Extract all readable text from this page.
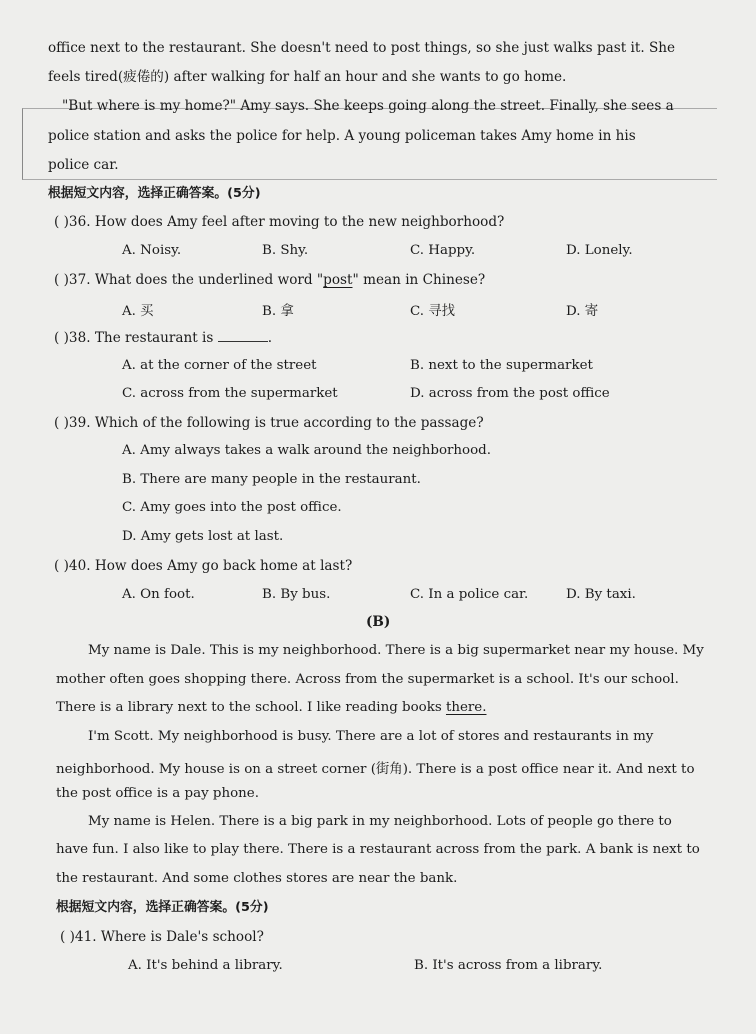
office next to the restaurant. She doesn't need to post things, so she just walks past it. She
feels tired(疲倦的) after walking for half an hour and she wants to go home.
"But where is my home?" Amy says. She keeps going along the street. Finally, she sees a
police station and asks the police for help. A young policeman takes Amy home in his
police car.
根据短文内容，选择正确答案。(5分)
( )36. How does Amy feel after moving to the new neighborhood?
A. Noisy.	B. Shy.	C. Happy.	D. Lonely.
( )37. What does the underlined word "post" mean in Chinese?
A. 买	B. 拿	C. 寻找	D. 寄
( )38. The restaurant is	.
A. at the corner of the street	B. next to the supermarket
C. across from the supermarket	D. across from the post office
( )39. Which of the following is true according to the passage?
A. Amy always takes a walk around the neighborhood.
B. There are many people in the restaurant.
C. Amy goes into the post office.
D. Amy gets lost at last.
( )40. How does Amy go back home at last?
A. On foot.	B. By bus.	C. In a police car.	D. By taxi.
(B)
My name is Dale. This is my neighborhood. There is a big supermarket near my house. My
mother often goes shopping there. Across from the supermarket is a school. It's our school.
There is a library next to the school. I like reading books there.
I'm Scott. My neighborhood is busy. There are a lot of stores and restaurants in my
neighborhood. My house is on a street corner (街角). There is a post office near it. And next to
the post office is a pay phone.
My name is Helen. There is a big park in my neighborhood. Lots of people go there to
have fun. I also like to play there. There is a restaurant across from the park. A bank is next to
the restaurant. And some clothes stores are near the bank.
根据短文内容，选择正确答案。(5分)
( )41. Where is Dale's school?
A. It's behind a library.	B. It's across from a library.
